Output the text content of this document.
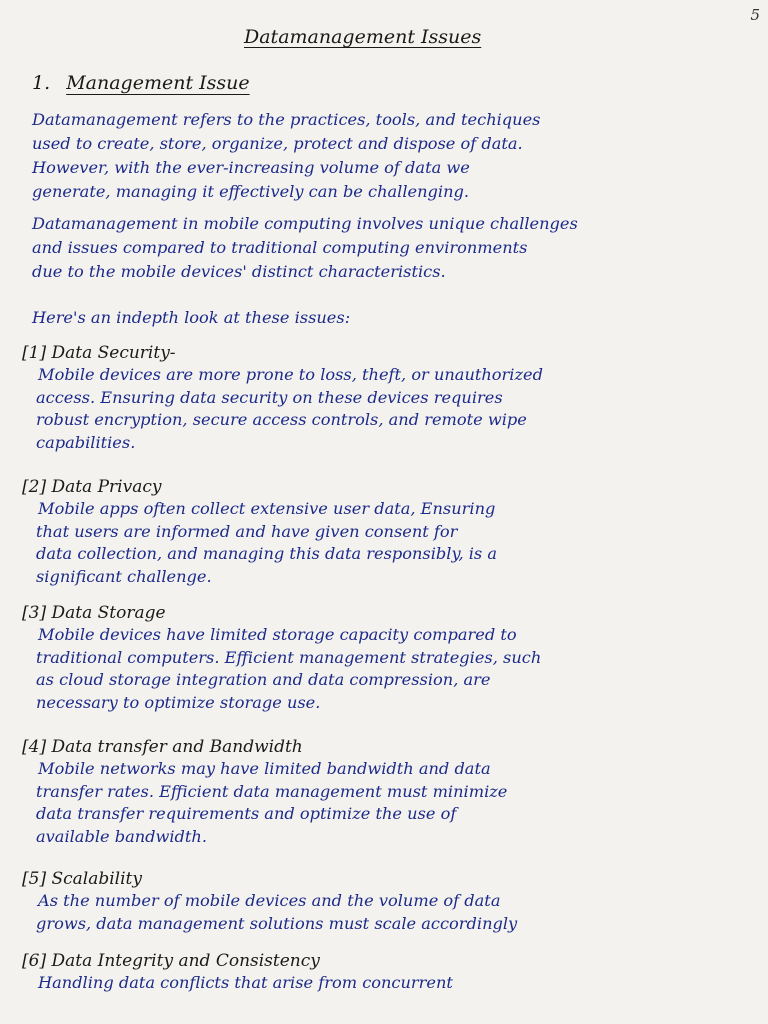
5
Datamanagement Issues
1. Management Issue

Datamanagement refers to the practices, tools, and techiques
used to create, store, organize, protect and dispose of data.
However, with the ever-increasing volume of data we
generate, managing it effectively can be challenging.

Datamanagement in mobile computing involves unique challenges
and issues compared to traditional computing environments
due to the mobile devices' distinct characteristics.

Here's an indepth look at these issues:

[1] Data Security-

Mobile devices are more prone to loss, theft, or unauthorized
access. Ensuring data security on these devices requires
robust encryption, secure access controls, and remote wipe
capabilities.

[2] Data Privacy

Mobile apps often collect extensive user data, Ensuring
that users are informed and have given consent for
data collection, and managing this data responsibly, is a
significant challenge.

[3] Data Storage

Mobile devices have limited storage capacity compared to
traditional computers. Efficient management strategies, such
as cloud storage integration and data compression, are
necessary to optimize storage use.

[4] Data transfer and Bandwidth

Mobile networks may have limited bandwidth and data
transfer rates. Efficient data management must minimize
data transfer requirements and optimize the use of
available bandwidth.

[5] Scalability

As the number of mobile devices and the volume of data
grows, data management solutions must scale accordingly

[6] Data Integrity and Consistency

Handling data conflicts that arise from concurrent
